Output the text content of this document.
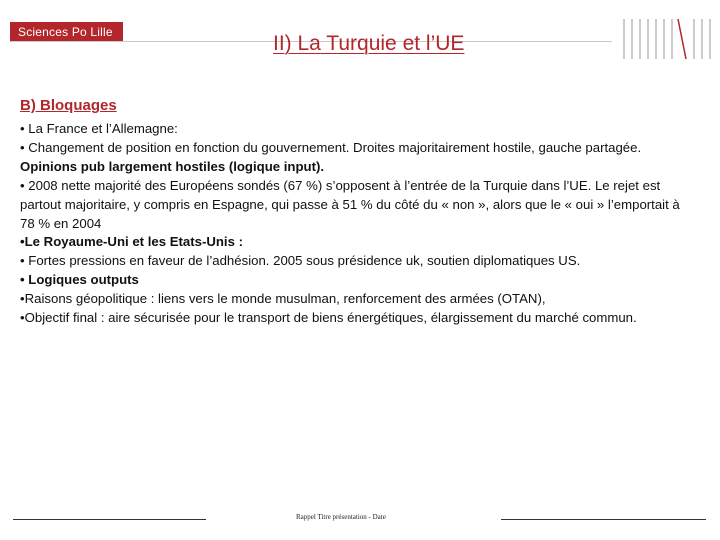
Sciences Po Lille
II) La Turquie et l’UE
B) Bloquages

• La France et l’Allemagne:

• Changement de position en fonction du gouvernement. Droites majoritairement hostile, gauche partagée.   Opinions pub largement hostiles (logique input).

• 2008 nette majorité des Européens sondés (67 %) s’opposent à l’entrée de la Turquie dans l’UE. Le rejet est partout majoritaire, y compris en Espagne, qui passe à 51 % du côté du « non », alors que le « oui » l’emportait à 78 % en 2004

•Le Royaume-Uni et les Etats-Unis :

• Fortes pressions en faveur de l’adhésion. 2005 sous présidence uk, soutien diplomatiques US.

• Logiques outputs

•Raisons géopolitique : liens vers le monde musulman, renforcement des armées (OTAN),

•Objectif final : aire sécurisée pour le transport de biens énergétiques, élargissement du marché commun.

Rappel Titre présentation - Date
